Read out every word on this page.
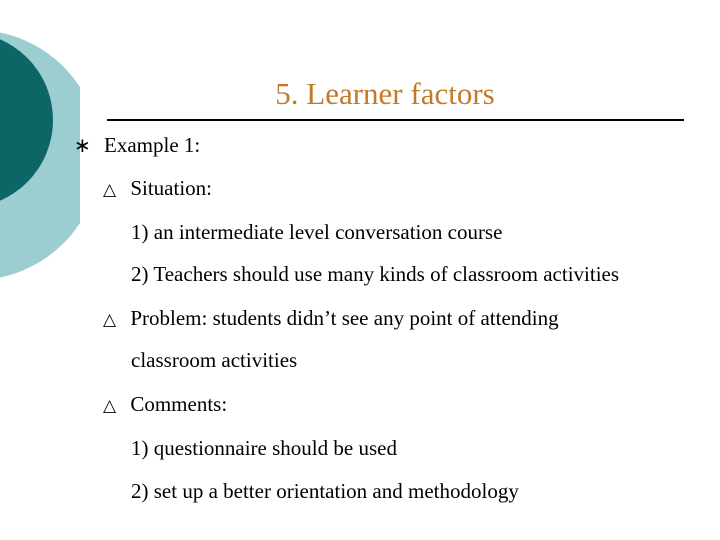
5. Learner factors
∗ Example 1:
△ Situation:
1) an intermediate level conversation course
2) Teachers should use many kinds of classroom activities
△ Problem: students didn’t see any point of attending
classroom activities
△ Comments:
1) questionnaire should be used
2) set up a better orientation and methodology
